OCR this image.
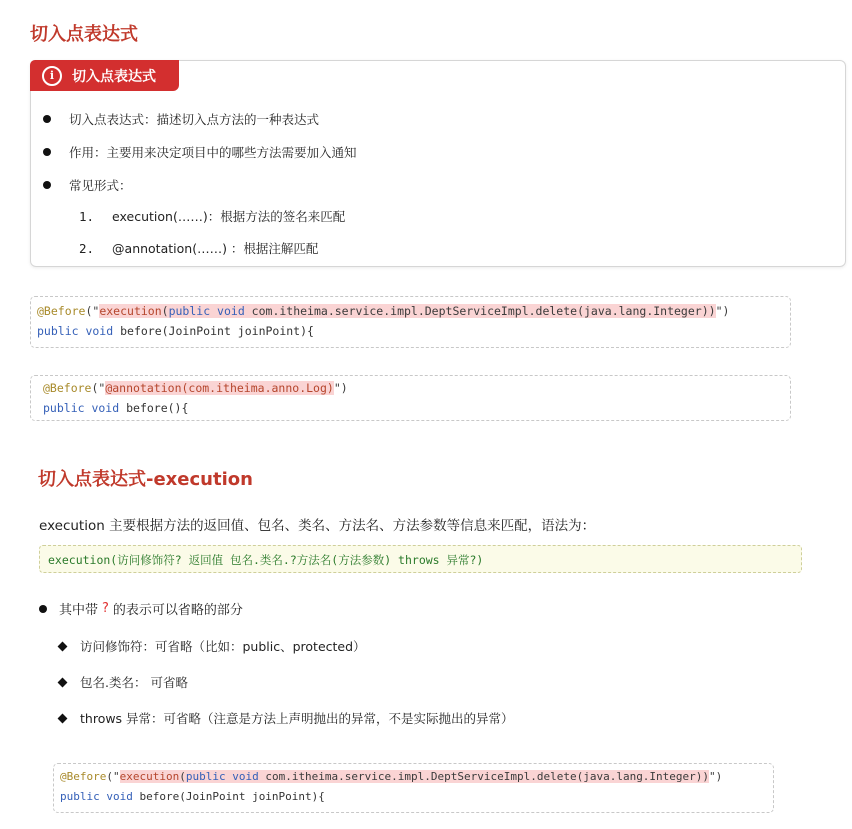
切入点表达式
i	切入点表达式
切入点表达式：描述切入点方法的一种表达式
作用：主要用来决定项目中的哪些方法需要加入通知
常见形式：
1. execution(……)：根据方法的签名来匹配
2. @annotation(……) ：根据注解匹配
@Before("execution(public void com.itheima.service.impl.DeptServiceImpl.delete(java.lang.Integer))")
public void before(JoinPoint joinPoint){
@Before("@annotation(com.itheima.anno.Log)")
public void before(){
切入点表达式-execution
execution 主要根据方法的返回值、包名、类名、方法名、方法参数等信息来匹配，语法为：
execution(访问修饰符? 返回值 包名.类名.?方法名(方法参数) throws 异常?)
其中带 ? 的表示可以省略的部分
访问修饰符：可省略（比如：public、protected）
包名.类名： 可省略
throws 异常：可省略（注意是方法上声明抛出的异常，不是实际抛出的异常）
@Before("execution(public void com.itheima.service.impl.DeptServiceImpl.delete(java.lang.Integer))")
public void before(JoinPoint joinPoint){
